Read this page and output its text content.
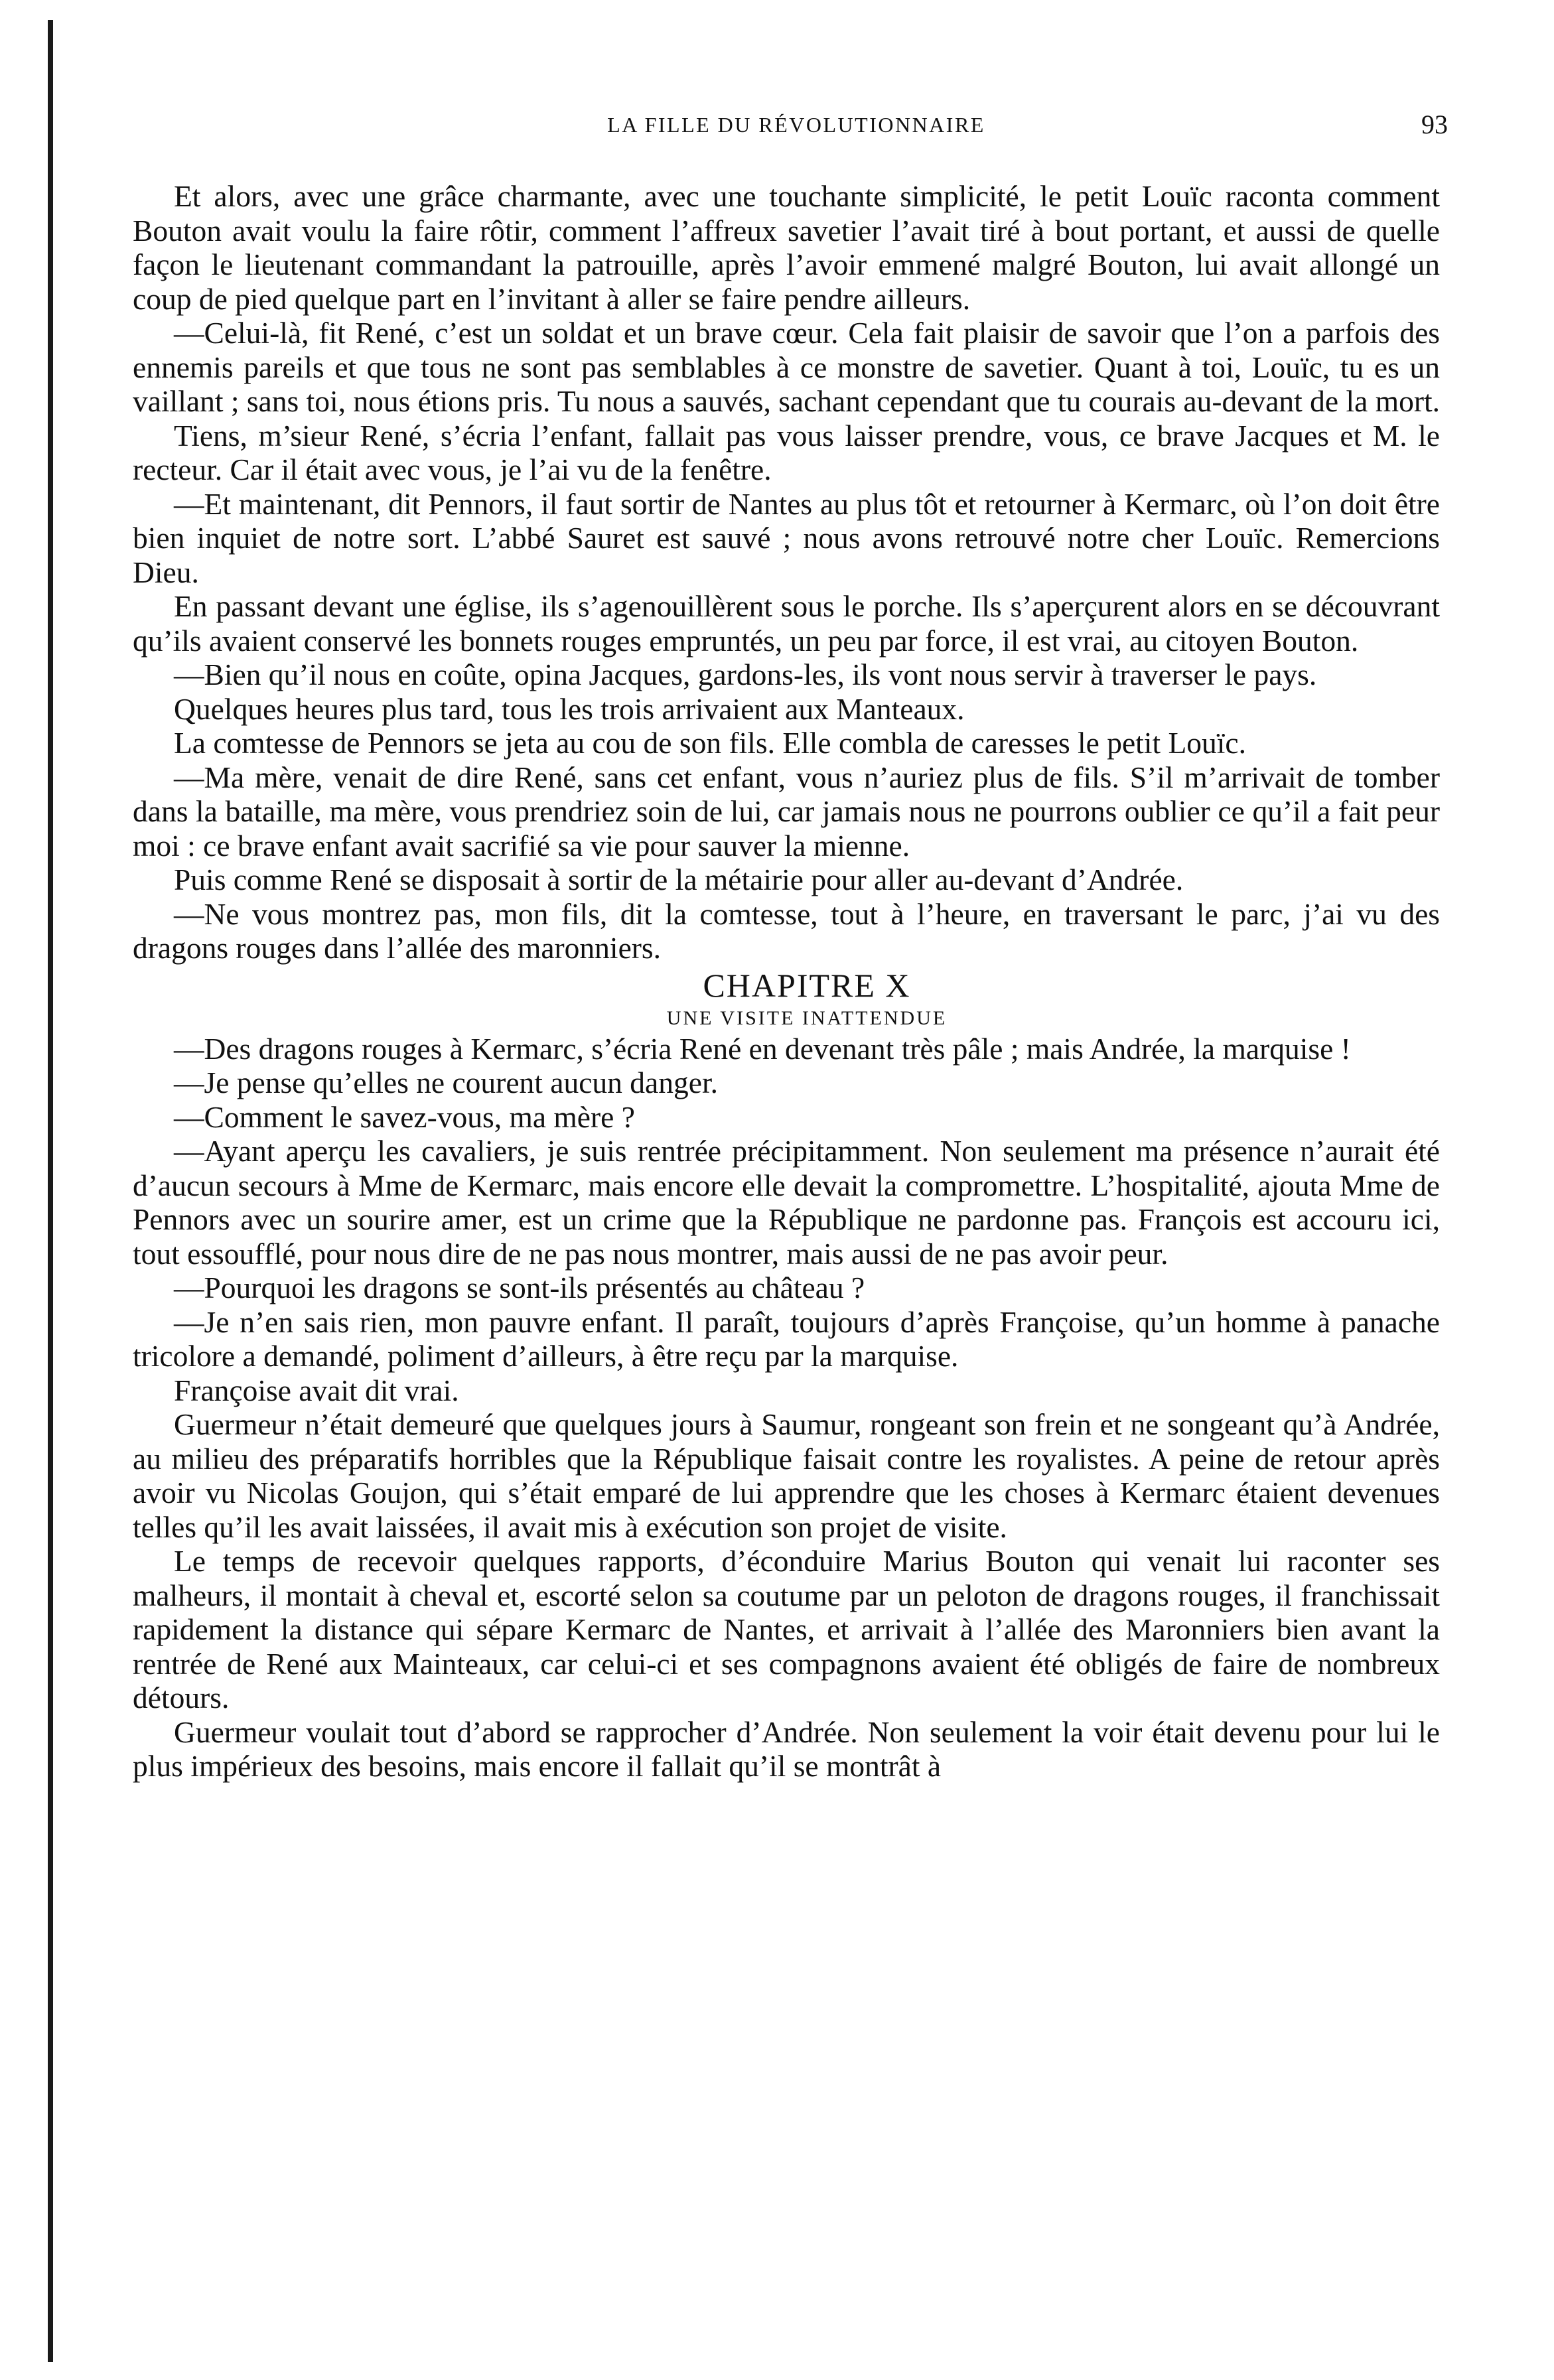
LA FILLE DU RÉVOLUTIONNAIRE	93

Et alors, avec une grâce charmante, avec une touchante simplicité, le petit Louïc raconta comment Bouton avait voulu la faire rôtir, comment l’affreux savetier l’avait tiré à bout portant, et aussi de quelle façon le lieutenant commandant la patrouille, après l’avoir emmené malgré Bouton, lui avait allongé un coup de pied quelque part en l’invitant à aller se faire pendre ailleurs.

—Celui-là, fit René, c’est un soldat et un brave cœur. Cela fait plaisir de savoir que l’on a parfois des ennemis pareils et que tous ne sont pas semblables à ce monstre de savetier. Quant à toi, Louïc, tu es un vaillant ; sans toi, nous étions pris. Tu nous a sauvés, sachant cependant que tu courais au-devant de la mort.

Tiens, m’sieur René, s’écria l’enfant, fallait pas vous laisser prendre, vous, ce brave Jacques et M. le recteur. Car il était avec vous, je l’ai vu de la fenêtre.

—Et maintenant, dit Pennors, il faut sortir de Nantes au plus tôt et retourner à Kermarc, où l’on doit être bien inquiet de notre sort. L’abbé Sauret est sauvé ; nous avons retrouvé notre cher Louïc. Remercions Dieu.

En passant devant une église, ils s’agenouillèrent sous le porche. Ils s’aperçurent alors en se découvrant qu’ils avaient conservé les bonnets rouges empruntés, un peu par force, il est vrai, au citoyen Bouton.

—Bien qu’il nous en coûte, opina Jacques, gardons-les, ils vont nous servir à traverser le pays.

Quelques heures plus tard, tous les trois arrivaient aux Manteaux.

La comtesse de Pennors se jeta au cou de son fils. Elle combla de caresses le petit Louïc.

—Ma mère, venait de dire René, sans cet enfant, vous n’auriez plus de fils. S’il m’arrivait de tomber dans la bataille, ma mère, vous prendriez soin de lui, car jamais nous ne pourrons oublier ce qu’il a fait peur moi : ce brave enfant avait sacrifié sa vie pour sauver la mienne.

Puis comme René se disposait à sortir de la métairie pour aller au-devant d’Andrée.

—Ne vous montrez pas, mon fils, dit la comtesse, tout à l’heure, en traversant le parc, j’ai vu des dragons rouges dans l’allée des maronniers.

CHAPITRE X

UNE VISITE INATTENDUE

—Des dragons rouges à Kermarc, s’écria René en devenant très pâle ; mais Andrée, la marquise !

—Je pense qu’elles ne courent aucun danger.

—Comment le savez-vous, ma mère ?

—Ayant aperçu les cavaliers, je suis rentrée précipitamment. Non seulement ma présence n’aurait été d’aucun secours à Mme de Kermarc, mais encore elle devait la compromettre. L’hospitalité, ajouta Mme de Pennors avec un sourire amer, est un crime que la République ne pardonne pas. François est accouru ici, tout essoufflé, pour nous dire de ne pas nous montrer, mais aussi de ne pas avoir peur.

—Pourquoi les dragons se sont-ils présentés au château ?

—Je n’en sais rien, mon pauvre enfant. Il paraît, toujours d’après Françoise, qu’un homme à panache tricolore a demandé, poliment d’ailleurs, à être reçu par la marquise.

Françoise avait dit vrai.

Guermeur n’était demeuré que quelques jours à Saumur, rongeant son frein et ne songeant qu’à Andrée, au milieu des préparatifs horribles que la République faisait contre les royalistes. A peine de retour après avoir vu Nicolas Goujon, qui s’était emparé de lui apprendre que les choses à Kermarc étaient devenues telles qu’il les avait laissées, il avait mis à exécution son projet de visite.

Le temps de recevoir quelques rapports, d’éconduire Marius Bouton qui venait lui raconter ses malheurs, il montait à cheval et, escorté selon sa coutume par un peloton de dragons rouges, il franchissait rapidement la distance qui sépare Kermarc de Nantes, et arrivait à l’allée des Maronniers bien avant la rentrée de René aux Mainteaux, car celui-ci et ses compagnons avaient été obligés de faire de nombreux détours.

Guermeur voulait tout d’abord se rapprocher d’Andrée. Non seulement la voir était devenu pour lui le plus impérieux des besoins, mais encore il fallait qu’il se montrât à
